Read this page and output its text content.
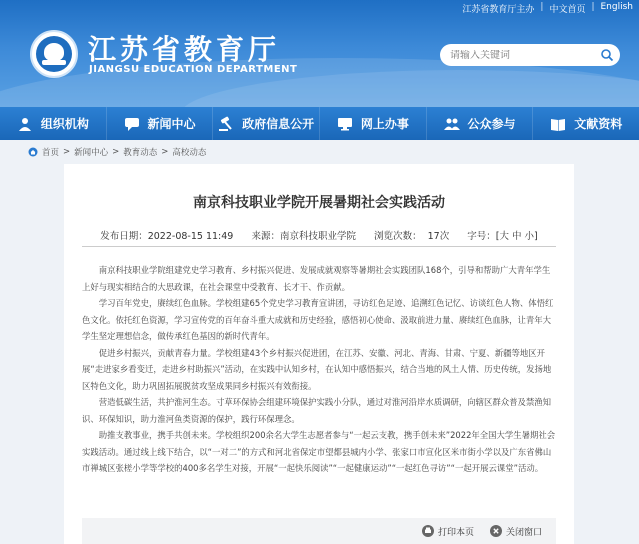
江苏省教育厅主办 | 中文首页 | English
江苏省教育厅
JIANGSU EDUCATION DEPARTMENT
请输入关键词
组织机构	新闻中心	政府信息公开	网上办事	公众参与	文献资料
首页 > 新闻中心 > 教育动态 > 高校动态
南京科技职业学院开展暑期社会实践活动
发布日期：2022-08-15 11:49      来源：南京科技职业学院      浏览次数：  17次      字号：[大 中 小]

南京科技职业学院组建党史学习教育、乡村振兴促进、发展成就观察等暑期社会实践团队168个，引导和帮助广大青年学生上好与现实相结合的大思政课，在社会课堂中受教育、长才干、作贡献。

学习百年党史，赓续红色血脉。学校组建65个党史学习教育宣讲团，寻访红色足迹、追溯红色记忆、访谈红色人物、体悟红色文化。依托红色资源，学习宣传党的百年奋斗重大成就和历史经验，感悟初心使命、汲取前进力量、赓续红色血脉，让青年大学生坚定理想信念，做传承红色基因的新时代青年。

促进乡村振兴，贡献青春力量。学校组建43个乡村振兴促进团，在江苏、安徽、河北、青海、甘肃、宁夏、新疆等地区开展“走进家乡看变迁，走进乡村助振兴”活动，在实践中认知乡村，在认知中感悟振兴，结合当地的风土人情、历史传统，发扬地区特色文化，助力巩固拓展脱贫攻坚成果同乡村振兴有效衔接。

营造低碳生活，共护淮河生态。寸草环保协会组建环境保护实践小分队，通过对淮河沿岸水质调研，向辖区群众普及禁渔知识、环保知识，助力淮河鱼类资源的保护，践行环保理念。

助推支教事业，携手共创未来。学校组织200余名大学生志愿者参与“一起云支教，携手创未来”2022年全国大学生暑期社会实践活动。通过线上线下结合，以“一对二”的方式和河北省保定市望都县城内小学、张家口市宣化区米市街小学以及广东省佛山市禅城区张槎小学等学校的400多名学生对接，开展“一起快乐阅读”“一起健康运动”“一起红色寻访”“一起开展云课堂”活动。

打印本页	关闭窗口
